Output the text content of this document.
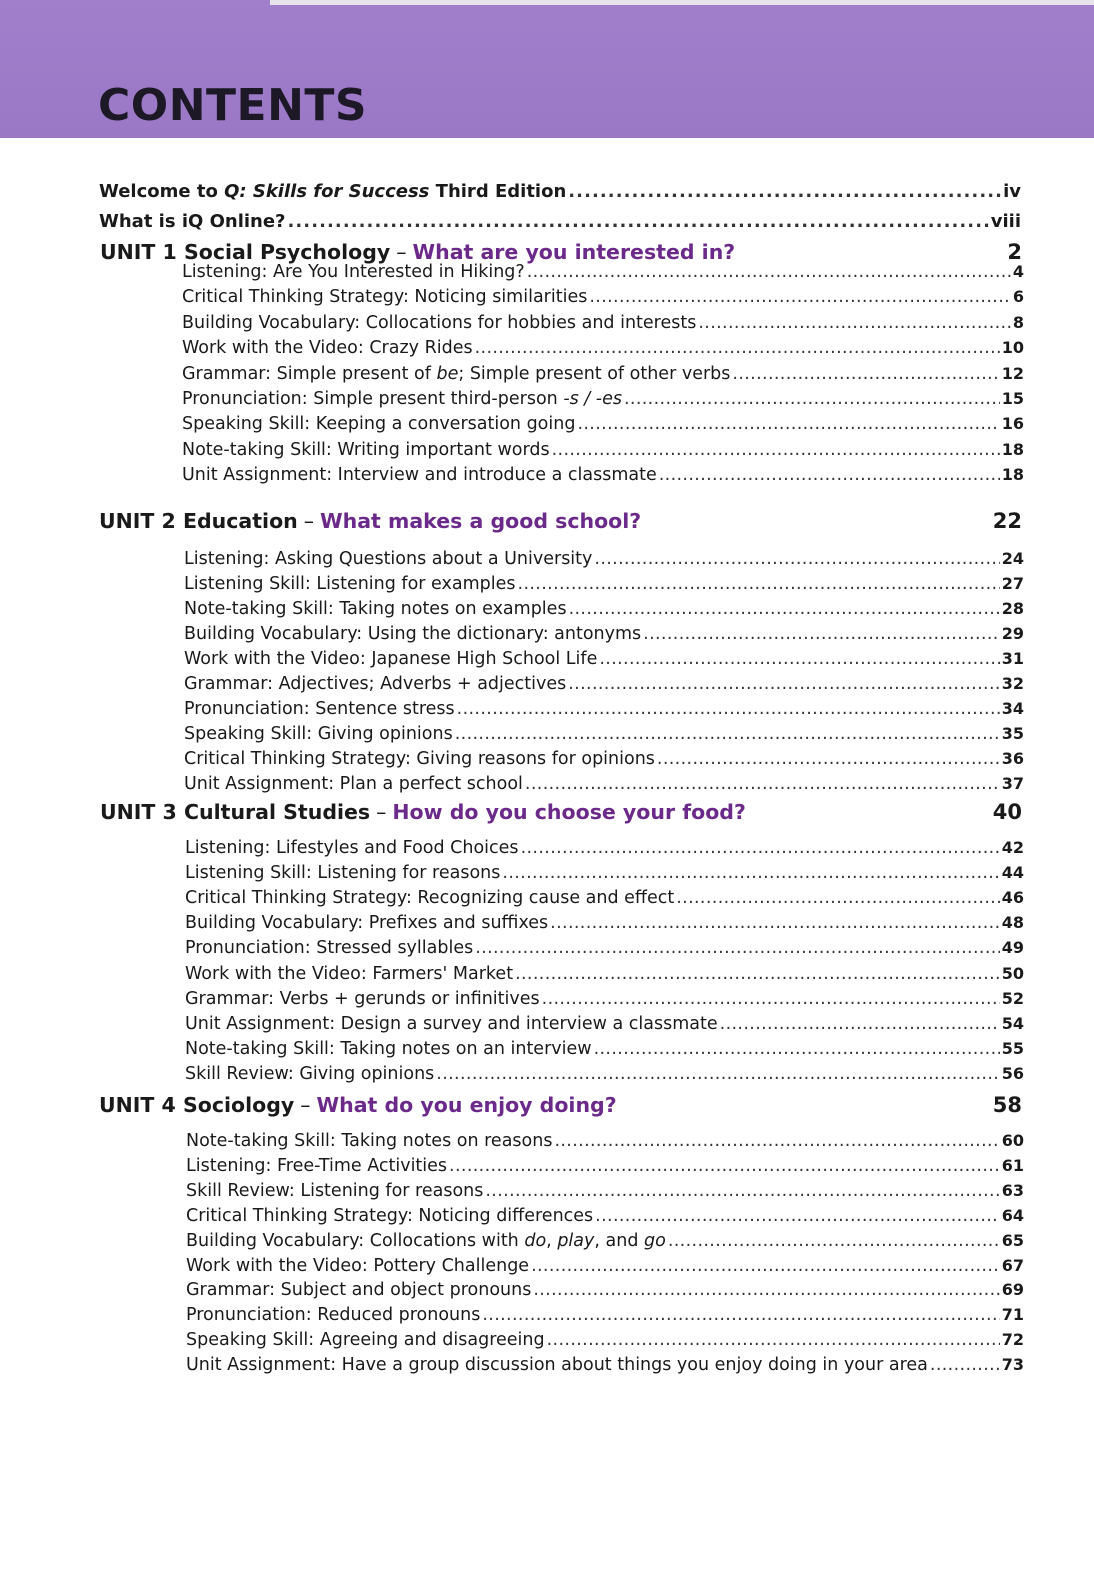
CONTENTS
Welcome to Q: Skills for Success Third Edition . . .	iv
What is iQ Online? . . .	viii
UNIT 1 Social Psychology – What are you interested in?	2
Listening: Are You Interested in Hiking? . . .	4
Critical Thinking Strategy: Noticing similarities . . .	6
Building Vocabulary: Collocations for hobbies and interests . . .	8
Work with the Video: Crazy Rides . . .	10
Grammar: Simple present of be; Simple present of other verbs . . .	12
Pronunciation: Simple present third-person -s / -es . . .	15
Speaking Skill: Keeping a conversation going . . .	16
Note-taking Skill: Writing important words . . .	18
Unit Assignment: Interview and introduce a classmate . . .	18
UNIT 2 Education – What makes a good school?	22
Listening: Asking Questions about a University . . .	24
Listening Skill: Listening for examples . . .	27
Note-taking Skill: Taking notes on examples . . .	28
Building Vocabulary: Using the dictionary: antonyms . . .	29
Work with the Video: Japanese High School Life . . .	31
Grammar: Adjectives; Adverbs + adjectives . . .	32
Pronunciation: Sentence stress . . .	34
Speaking Skill: Giving opinions . . .	35
Critical Thinking Strategy: Giving reasons for opinions . . .	36
Unit Assignment: Plan a perfect school . . .	37
UNIT 3 Cultural Studies – How do you choose your food?	40
Listening: Lifestyles and Food Choices . . .	42
Listening Skill: Listening for reasons . . .	44
Critical Thinking Strategy: Recognizing cause and effect . . .	46
Building Vocabulary: Prefixes and suffixes . . .	48
Pronunciation: Stressed syllables . . .	49
Work with the Video: Farmers' Market . . .	50
Grammar: Verbs + gerunds or infinitives . . .	52
Unit Assignment: Design a survey and interview a classmate . . .	54
Note-taking Skill: Taking notes on an interview . . .	55
Skill Review: Giving opinions . . .	56
UNIT 4 Sociology – What do you enjoy doing?	58
Note-taking Skill: Taking notes on reasons . . .	60
Listening: Free-Time Activities . . .	61
Skill Review: Listening for reasons . . .	63
Critical Thinking Strategy: Noticing differences . . .	64
Building Vocabulary: Collocations with do, play, and go . . .	65
Work with the Video: Pottery Challenge . . .	67
Grammar: Subject and object pronouns . . .	69
Pronunciation: Reduced pronouns . . .	71
Speaking Skill: Agreeing and disagreeing . . .	72
Unit Assignment: Have a group discussion about things you enjoy doing in your area . . .	73
